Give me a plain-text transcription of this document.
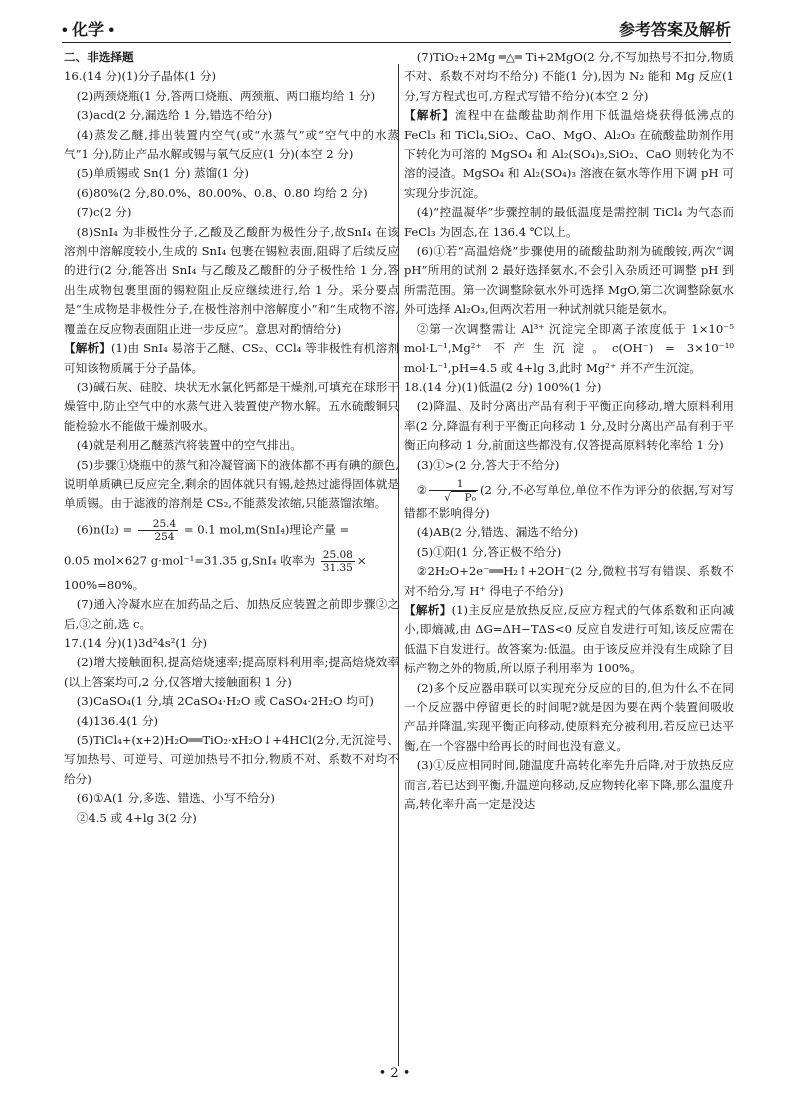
• 化学 •	参考答案及解析

二、非选择题

16.(14 分)(1)分子晶体(1 分)

(2)两颈烧瓶(1 分,答两口烧瓶、两颈瓶、两口瓶均给 1 分)

(3)acd(2 分,漏选给 1 分,错选不给分)

(4)蒸发乙醚,排出装置内空气(或“水蒸气”或“空气中的水蒸气”1 分),防止产品水解或锡与氧气反应(1 分)(本空 2 分)

(5)单质锡或 Sn(1 分) 蒸馏(1 分)

(6)80%(2 分,80.0%、80.00%、0.8、0.80 均给 2 分)

(7)c(2 分)

(8)SnI₄ 为非极性分子,乙酸及乙酸酐为极性分子,故SnI₄ 在该溶剂中溶解度较小,生成的 SnI₄ 包裹在锡粒表面,阻碍了后续反应的进行(2 分,能答出 SnI₄ 与乙酸及乙酸酐的分子极性给 1 分,答出生成物包裹里面的锡粒阻止反应继续进行,给 1 分。采分要点是“生成物是非极性分子,在极性溶剂中溶解度小”和“生成物不溶,覆盖在反应物表面阻止进一步反应”。意思对酌情给分)

【解析】(1)由 SnI₄ 易溶于乙醚、CS₂、CCl₄ 等非极性有机溶剂可知该物质属于分子晶体。

(3)碱石灰、硅胶、块状无水氯化钙都是干燥剂,可填充在球形干燥管中,防止空气中的水蒸气进入装置使产物水解。五水硫酸铜只能检验水不能做干燥剂吸水。

(4)就是利用乙醚蒸汽将装置中的空气排出。

(5)步骤①烧瓶中的蒸气和冷凝管滴下的液体都不再有碘的颜色,说明单质碘已反应完全,剩余的固体就只有锡,趁热过滤得固体就是单质锡。由于滤液的溶剂是 CS₂,不能蒸发浓缩,只能蒸馏浓缩。

$(6)n(I_2) = \frac{25.4}{254} = 0.1$ mol,m(SnI₄)理论产量 =

0.05 mol×627 g·mol⁻¹=31.35 g,SnI₄ 收率为 $\frac{25.08}{31.35}$ ×

100%=80%。

(7)通入冷凝水应在加药品之后、加热反应装置之前即步骤②之后,③之前,选 c。

17.(14 分)(1)3d²4s²(1 分)

(2)增大接触面积,提高焙烧速率;提高原料利用率;提高焙烧效率(以上答案均可,2 分,仅答增大接触面积 1 分)

(3)CaSO₄(1 分,填 2CaSO₄·H₂O 或 CaSO₄·2H₂O 均可)

(4)136.4(1 分)

(5)TiCl₄+(x+2)H₂O══TiO₂·xH₂O↓+4HCl(2分,无沉淀号、写加热号、可逆号、可逆加热号不扣分,物质不对、系数不对均不给分)

(6)①A(1 分,多选、错选、小写不给分)

②4.5 或 4+lg 3(2 分)

(7)TiO₂+2Mg ═△═ Ti+2MgO(2 分,不写加热号不扣分,物质不对、系数不对均不给分) 不能(1 分),因为 N₂ 能和 Mg 反应(1 分,写方程式也可,方程式写错不给分)(本空 2 分)

【解析】流程中在盐酸盐助剂作用下低温焙烧获得低沸点的 FeCl₃ 和 TiCl₄,SiO₂、CaO、MgO、Al₂O₃ 在硫酸盐助剂作用下转化为可溶的 MgSO₄ 和 Al₂(SO₄)₃,SiO₂、CaO 则转化为不溶的浸渣。MgSO₄ 和 Al₂(SO₄)₃ 溶液在氨水等作用下调 pH 可实现分步沉淀。

(4)“控温凝华”步骤控制的最低温度是需控制 TiCl₄ 为气态而 FeCl₃ 为固态,在 136.4 ℃以上。

(6)①若“高温焙烧”步骤使用的硫酸盐助剂为硫酸铵,两次“调 pH”所用的试剂 2 最好选择氨水,不会引入杂质还可调整 pH 到所需范围。第一次调整除氨水外可选择 MgO,第二次调整除氨水外可选择 Al₂O₃,但两次若用一种试剂就只能是氨水。

②第一次调整需让 Al³⁺ 沉淀完全即离子浓度低于 1×10⁻⁵ mol·L⁻¹,Mg²⁺ 不产生沉淀。c(OH⁻) = 3×10⁻¹⁰ mol·L⁻¹,pH=4.5 或 4+lg 3,此时 Mg²⁺ 并不产生沉淀。

18.(14 分)(1)低温(2 分) 100%(1 分)

(2)降温、及时分离出产品有利于平衡正向移动,增大原料利用率(2 分,降温有利于平衡正向移动 1 分,及时分离出产品有利于平衡正向移动 1 分,前面这些都没有,仅答提高原料转化率给 1 分)

(3)①>(2 分,答大于不给分)

② $\frac{1}{\text{√ P₀}} (2$ 分,不必写单位,单位不作为评分的依据,写对写错都不影响得分)

(4)AB(2 分,错选、漏选不给分)

(5)①阳(1 分,答正极不给分)

②2H₂O+2e⁻══H₂↑+2OH⁻(2 分,微粒书写有错误、系数不对不给分,写 H⁺ 得电子不给分)

【解析】(1)主反应是放热反应,反应方程式的气体系数和正向减小,即熵减,由 ΔG=ΔH−TΔS<0 反应自发进行可知,该反应需在低温下自发进行。故答案为:低温。由于该反应并没有生成除了目标产物之外的物质,所以原子利用率为 100%。

(2)多个反应器串联可以实现充分反应的目的,但为什么不在同一个反应器中停留更长的时间呢?就是因为要在两个装置间吸收产品并降温,实现平衡正向移动,使原料充分被利用,若反应已达平衡,在一个容器中给再长的时间也没有意义。

(3)①反应相同时间,随温度升高转化率先升后降,对于放热反应而言,若已达到平衡,升温逆向移动,反应物转化率下降,那么温度升高,转化率升高一定是没达

• 2 •
